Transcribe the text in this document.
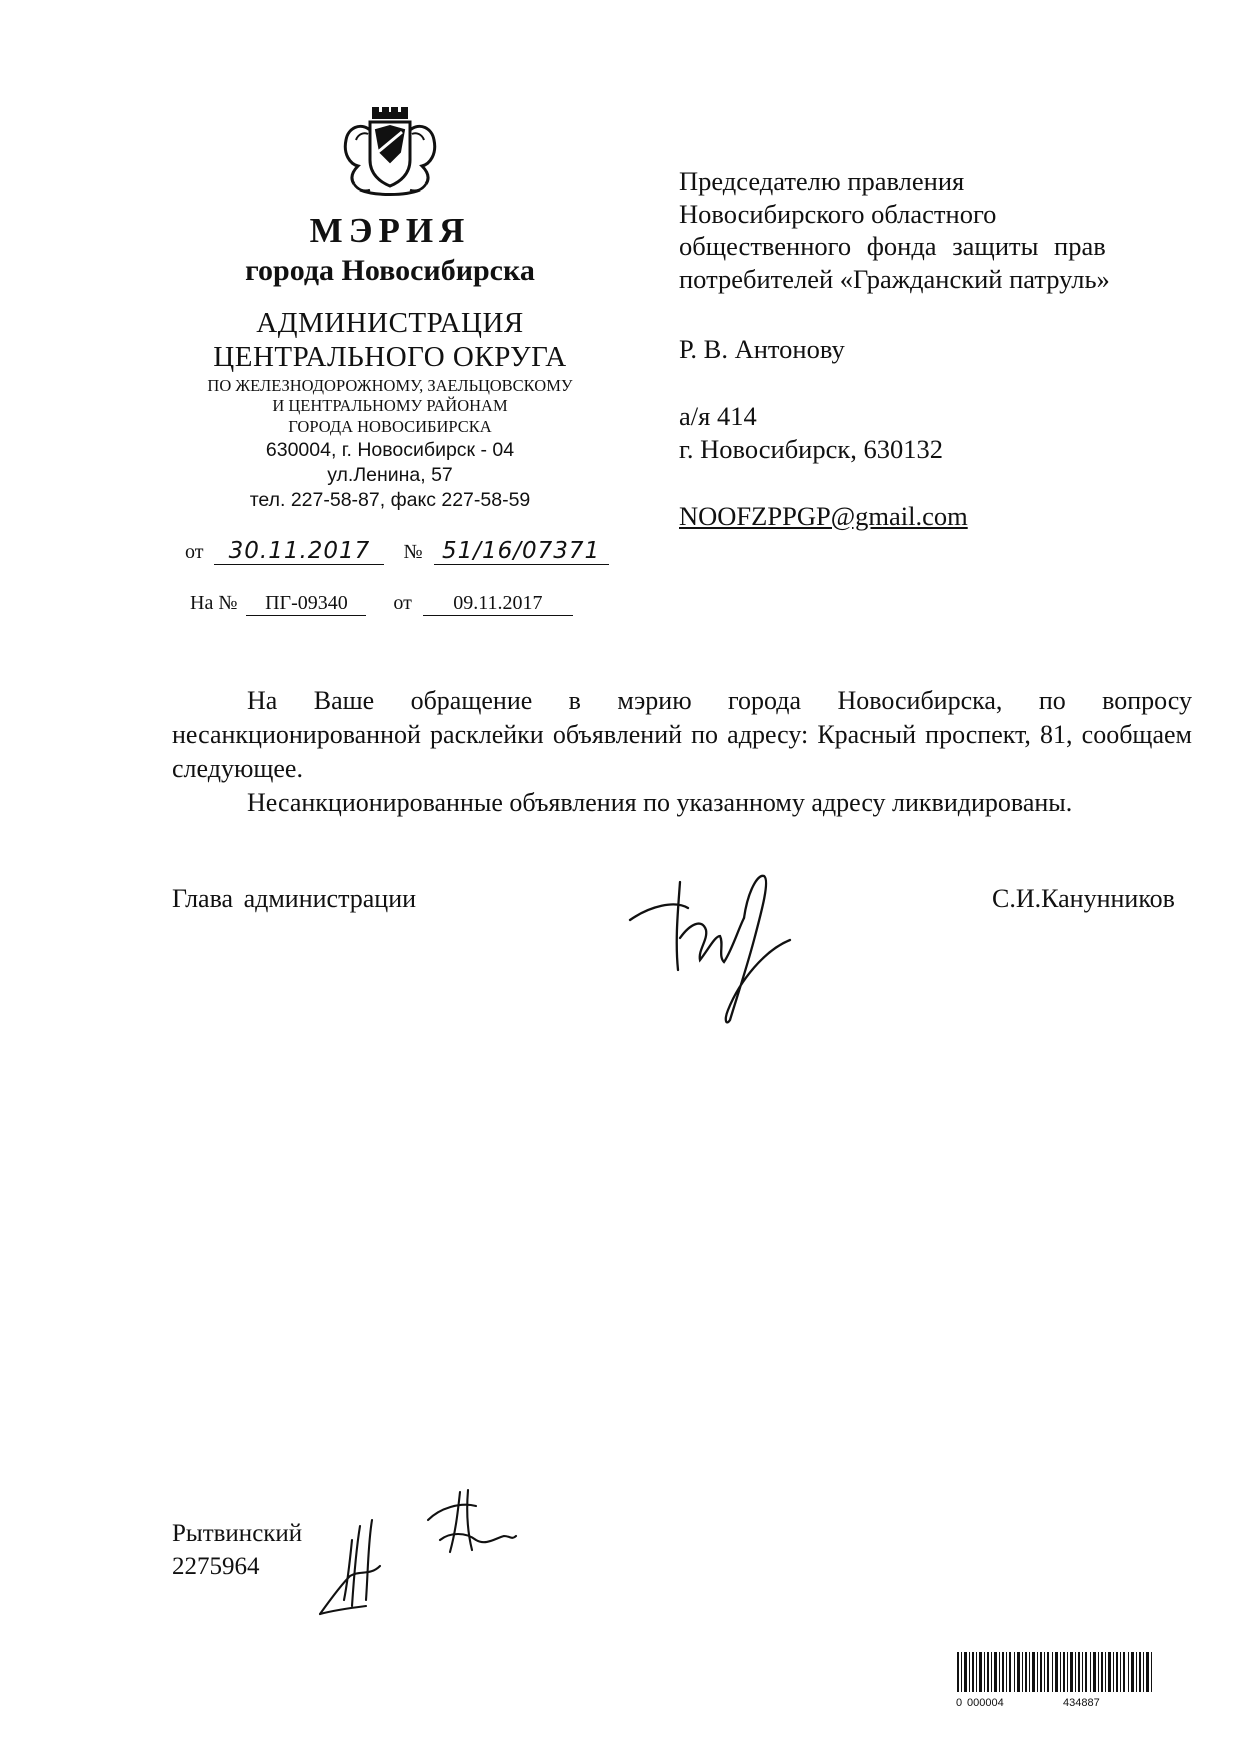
МЭРИЯ
города Новосибирска
АДМИНИСТРАЦИЯ
ЦЕНТРАЛЬНОГО ОКРУГА
ПО ЖЕЛЕЗНОДОРОЖНОМУ, ЗАЕЛЬЦОВСКОМУ
И ЦЕНТРАЛЬНОМУ РАЙОНАМ
ГОРОДА НОВОСИБИРСКА
630004, г. Новосибирск - 04
ул.Ленина, 57
тел. 227-58-87, факс 227-58-59
от 30.11.2017 № 51/16/07371
На № ПГ-09340 от 09.11.2017
Председателю правления
Новосибирского областного
общественного фонда защиты прав
потребителей «Гражданский патруль»
Р. В. Антонову
а/я 414
г. Новосибирск, 630132
NOOFZPPGP@gmail.com
На Ваше обращение в мэрию города Новосибирска, по вопросу несанкционированной расклейки объявлений по адресу: Красный проспект, 81, сообщаем следующее.
Несанкционированные объявления по указанному адресу ликвидированы.
Глава администрации	С.И.Канунников
Рытвинский
2275964
0 000004	434887
